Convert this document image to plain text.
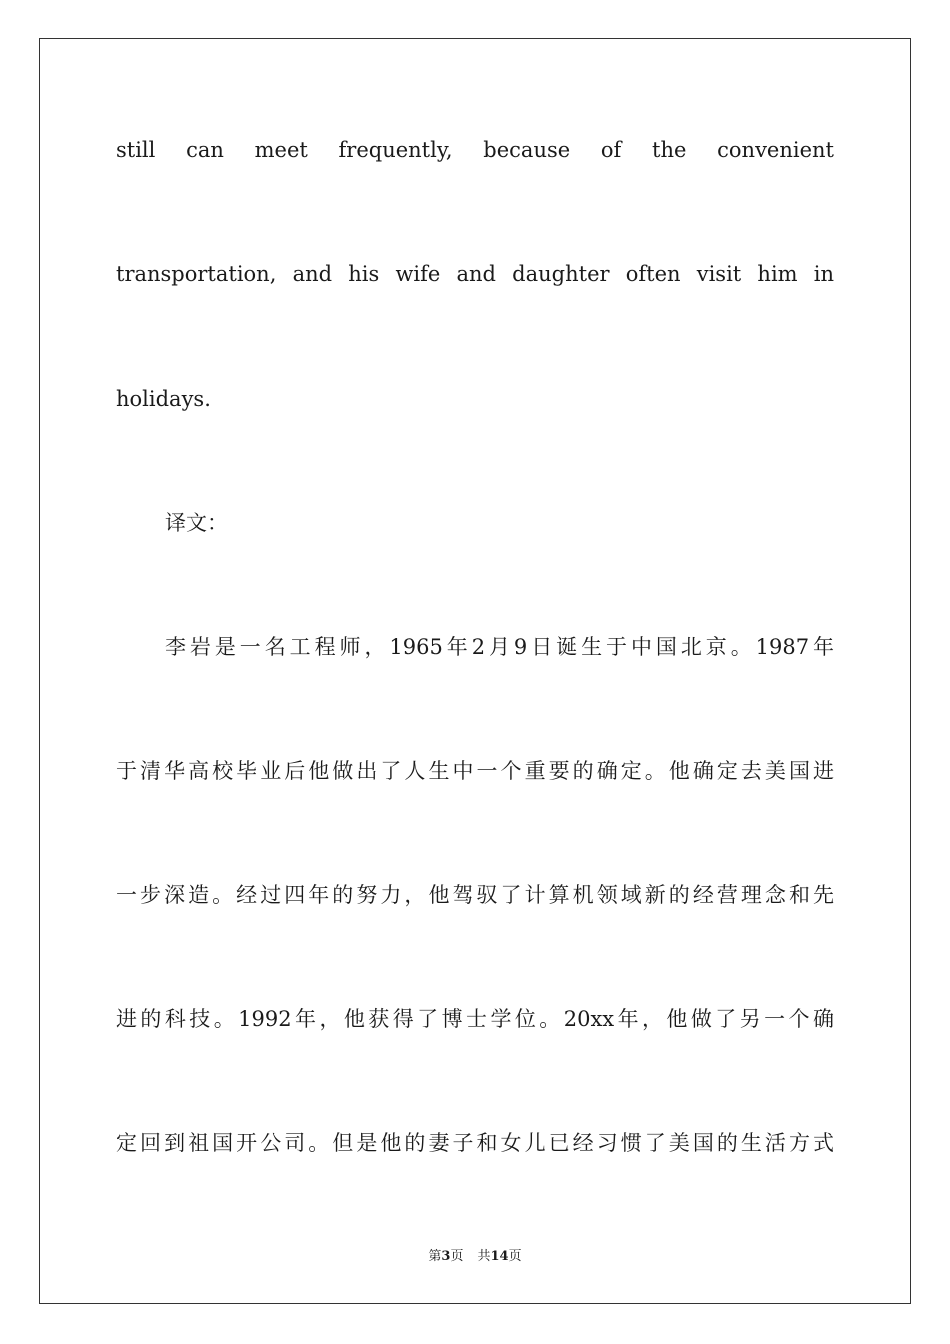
still can meet frequently, because of the convenient
transportation, and his wife and daughter often visit him in
holidays.
译文：
李岩是一名工程师，1965年2月9日诞生于中国北京。1987年
于清华高校毕业后他做出了人生中一个重要的确定。他确定去美国进
一步深造。经过四年的努力，他驾驭了计算机领域新的经营理念和先
进的科技。1992年，他获得了博士学位。20xx年，他做了另一个确
定回到祖国开公司。但是他的妻子和女儿已经习惯了美国的生活方式
第3页 共14页
